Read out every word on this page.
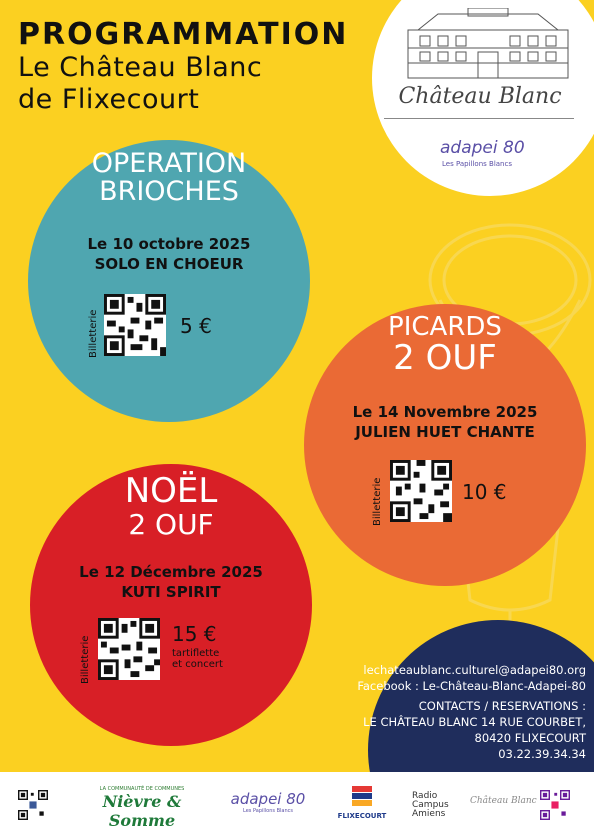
PROGRAMMATION
Le Château Blanc
de Flixecourt	Château Blanc
adapei 80
Les Papillons Blancs
OPERATION
BRIOCHES
Le 10 octobre 2025
SOLO EN CHOEUR
Billetterie	5 €	PICARDS
2 OUF
Le 14 Novembre 2025
JULIEN HUET CHANTE
Billetterie	10 €
NOËL
2 OUF
Le 12 Décembre 2025
KUTI SPIRIT
Billetterie
15 €
tartiflette
et concert	lechateaublanc.culturel@adapei80.org
Facebook : Le-Château-Blanc-Adapei-80
CONTACTS / RESERVATIONS :
LE CHÂTEAU BLANC 14 RUE COURBET,
80420 FLIXECOURT
03.22.39.34.34
LA COMMUNAUTÉ DE COMMUNES
Nièvre & Somme
adapei 80
Les Papillons Blancs
FLIXECOURT
Radio
Campus
Amiens
Château Blanc
